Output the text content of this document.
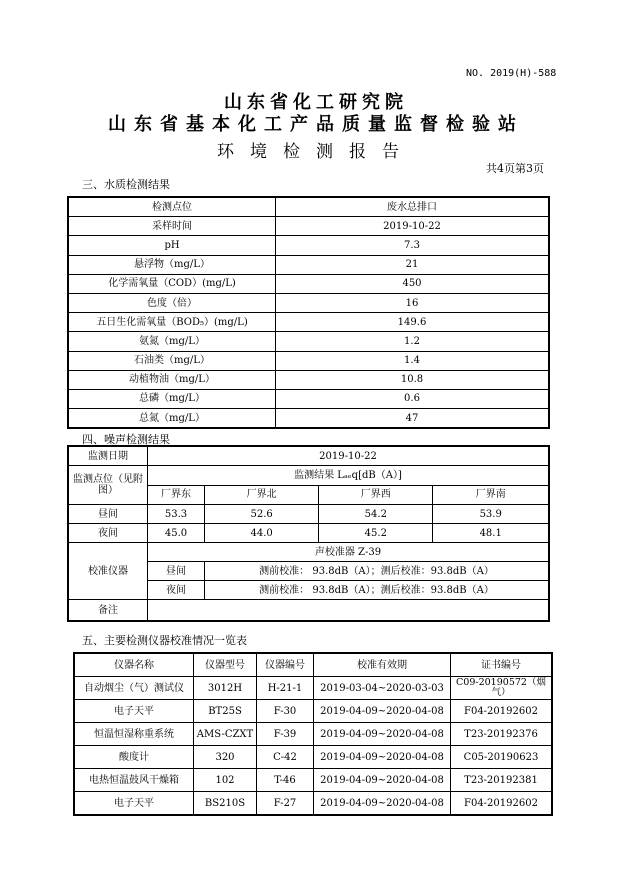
NO. 2019(H)-588
山东省化工研究院
山东省基本化工产品质量监督检验站
环境检测报告
共4页第3页
三、水质检测结果
检测点位	废水总排口
采样时间	2019-10-22
pH	7.3
悬浮物（mg/L）	21
化学需氧量（COD）(mg/L)	450
色度（倍）	16
五日生化需氧量（BOD₅）(mg/L)	149.6
氨氮（mg/L）	1.2
石油类（mg/L）	1.4
动植物油（mg/L）	10.8
总磷（mg/L）	0.6
总氮（mg/L）	47
四、噪声检测结果
监测日期	2019-10-22			
监测点位（见附图）	监测结果 Lₐₑq[dB（A）]			
	厂界东	厂界北	厂界西	厂界南
昼间	53.3	52.6	54.2	53.9
夜间	45.0	44.0	45.2	48.1
校准仪器	声校准器 Z-39			
	昼间	测前校准： 93.8dB（A）；测后校准：93.8dB（A）		
	夜间	测前校准： 93.8dB（A）；测后校准：93.8dB（A）		
备注				
五、主要检测仪器校准情况一览表
仪器名称	仪器型号	仪器编号	校准有效期	证书编号
自动烟尘（气）测试仪	3012H	H-21-1	2019-03-04~2020-03-03	C09-20190572（烟气）
电子天平	BT25S	F-30	2019-04-09~2020-04-08	F04-20192602
恒温恒湿称重系统	AMS-CZXT	F-39	2019-04-09~2020-04-08	T23-20192376
酸度计	320	C-42	2019-04-09~2020-04-08	C05-20190623
电热恒温鼓风干燥箱	102	T-46	2019-04-09~2020-04-08	T23-20192381
电子天平	BS210S	F-27	2019-04-09~2020-04-08	F04-20192602
